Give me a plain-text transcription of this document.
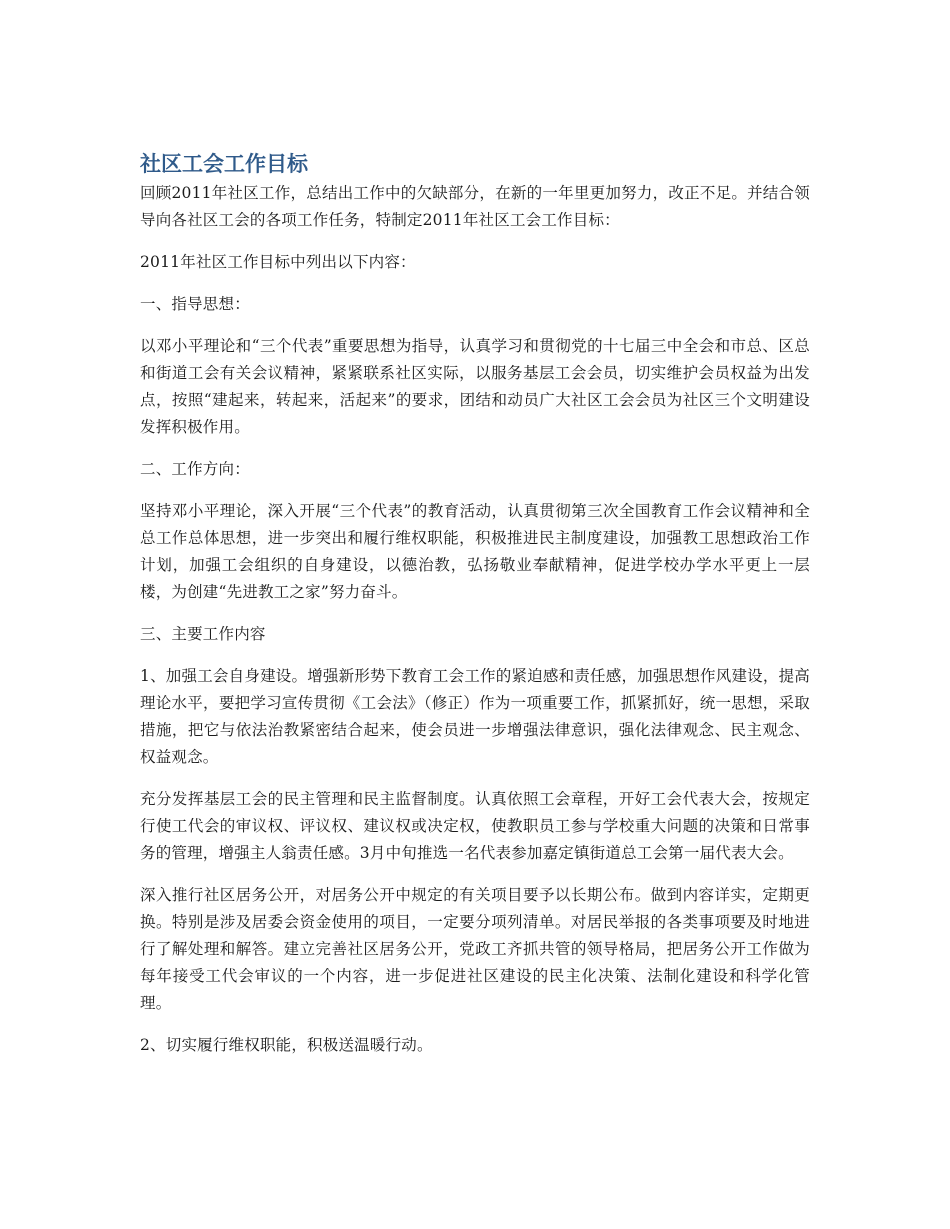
社区工会工作目标

回顾2011年社区工作，总结出工作中的欠缺部分，在新的一年里更加努力，改正不足。并结合领导向各社区工会的各项工作任务，特制定2011年社区工会工作目标：

2011年社区工作目标中列出以下内容：

一、指导思想：

以邓小平理论和“三个代表”重要思想为指导，认真学习和贯彻党的十七届三中全会和市总、区总和街道工会有关会议精神，紧紧联系社区实际，以服务基层工会会员，切实维护会员权益为出发点，按照“建起来，转起来，活起来”的要求，团结和动员广大社区工会会员为社区三个文明建设发挥积极作用。

二、工作方向：

坚持邓小平理论，深入开展“三个代表”的教育活动，认真贯彻第三次全国教育工作会议精神和全总工作总体思想，进一步突出和履行维权职能，积极推进民主制度建设，加强教工思想政治工作计划，加强工会组织的自身建设，以德治教，弘扬敬业奉献精神，促进学校办学水平更上一层楼，为创建“先进教工之家”努力奋斗。

三、主要工作内容

1、加强工会自身建设。增强新形势下教育工会工作的紧迫感和责任感，加强思想作风建设，提高理论水平，要把学习宣传贯彻《工会法》（修正）作为一项重要工作，抓紧抓好，统一思想，采取措施，把它与依法治教紧密结合起来，使会员进一步增强法律意识，强化法律观念、民主观念、权益观念。

充分发挥基层工会的民主管理和民主监督制度。认真依照工会章程，开好工会代表大会，按规定行使工代会的审议权、评议权、建议权或决定权，使教职员工参与学校重大问题的决策和日常事务的管理，增强主人翁责任感。3月中旬推选一名代表参加嘉定镇街道总工会第一届代表大会。

深入推行社区居务公开，对居务公开中规定的有关项目要予以长期公布。做到内容详实，定期更换。特别是涉及居委会资金使用的项目，一定要分项列清单。对居民举报的各类事项要及时地进行了解处理和解答。建立完善社区居务公开，党政工齐抓共管的领导格局，把居务公开工作做为每年接受工代会审议的一个内容，进一步促进社区建设的民主化决策、法制化建设和科学化管理。

2、切实履行维权职能，积极送温暖行动。
